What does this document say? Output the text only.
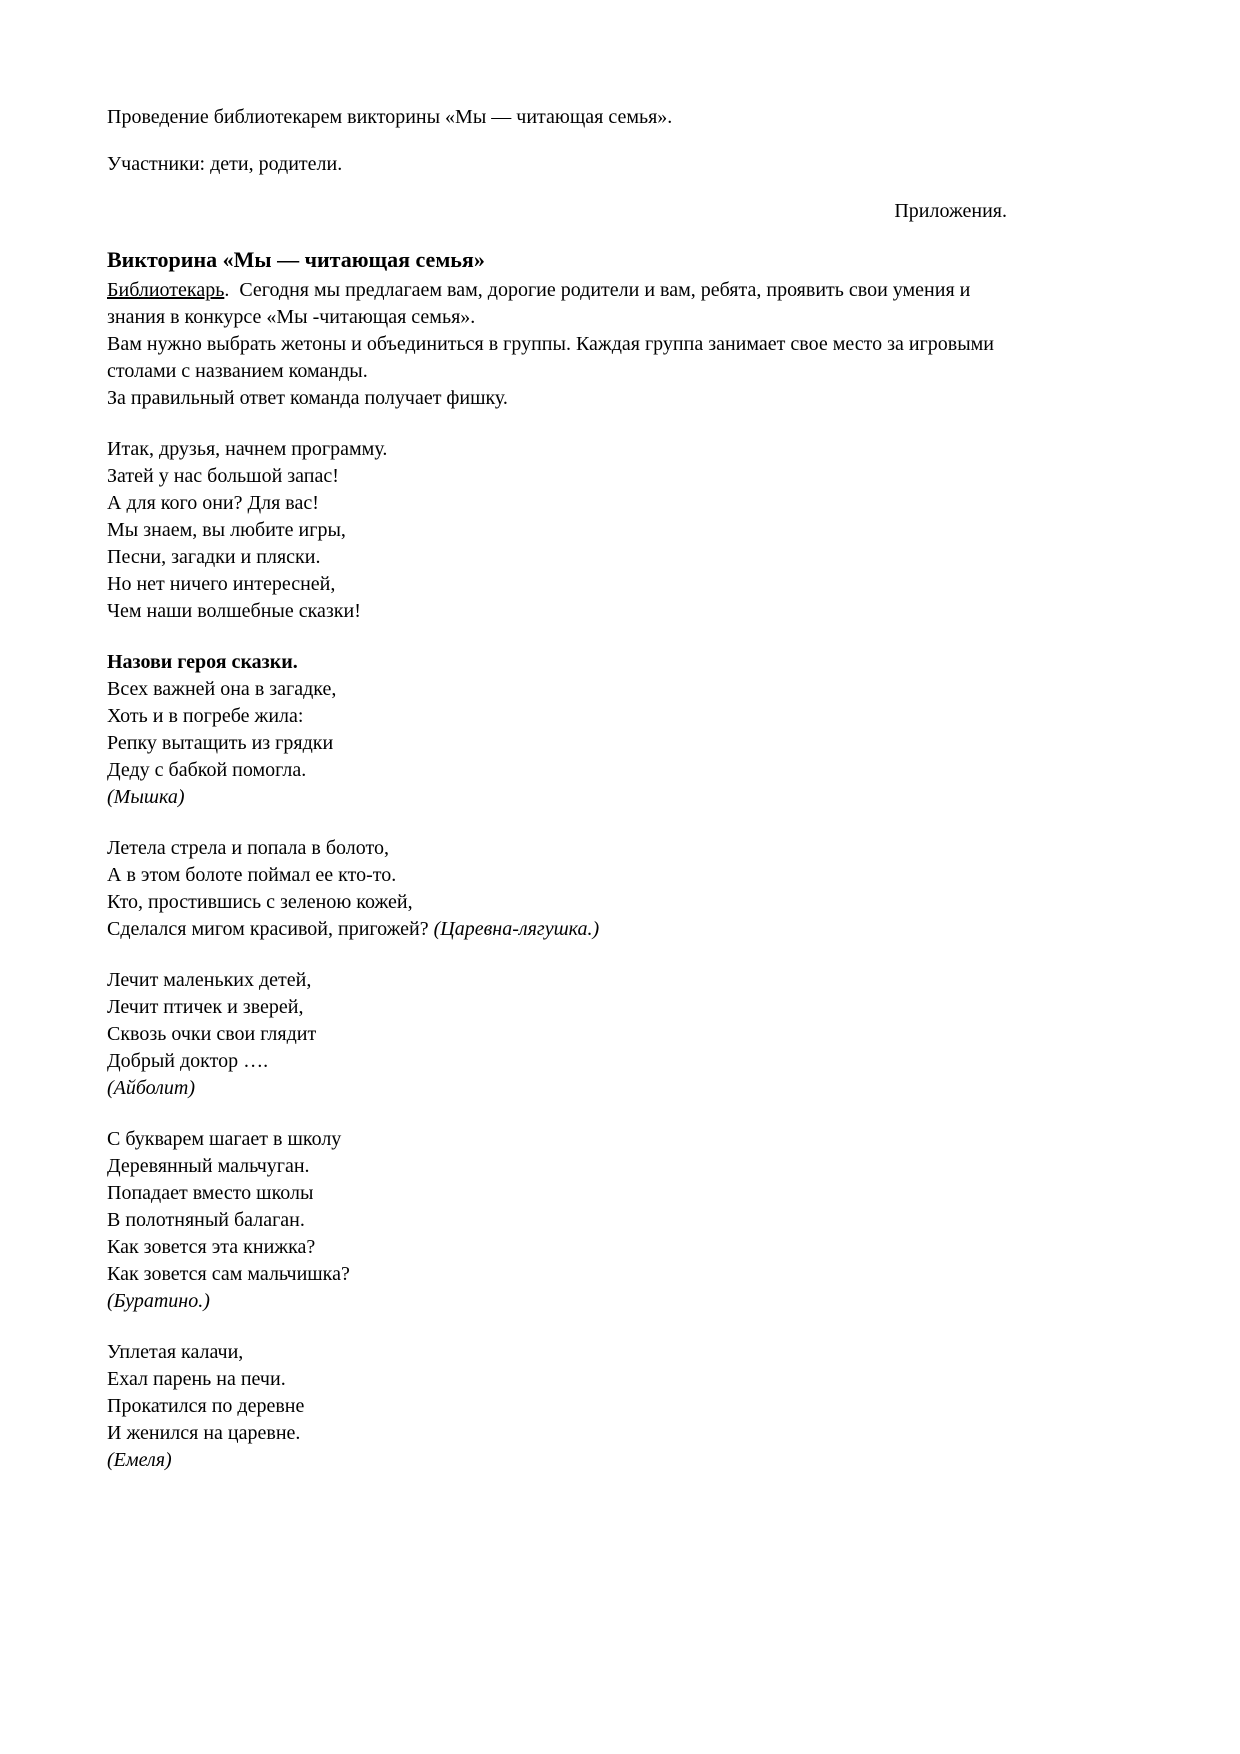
Проведение библиотекарем викторины «Мы — читающая семья».

Участники: дети, родители.

Приложения.

Викторина «Мы — читающая семья»

Библиотекарь.  Сегодня мы предлагаем вам, дорогие родители и вам, ребята, проявить свои умения и знания в конкурсе «Мы -читающая семья».

Вам нужно выбрать жетоны и объединиться в группы. Каждая группа занимает свое место за игровыми столами с названием команды.

За правильный ответ команда получает фишку.

Итак, друзья, начнем программу.
Затей у нас большой запас!
А для кого они? Для вас!
Мы знаем, вы любите игры,
Песни, загадки и пляски.
Но нет ничего интересней,
Чем наши волшебные сказки!
Назови героя сказки.
Всех важней она в загадке,
Хоть и в погребе жила:
Репку вытащить из грядки
Деду с бабкой помогла.
(Мышка)
Летела стрела и попала в болото,
А в этом болоте поймал ее кто-то.
Кто, простившись с зеленою кожей,
Сделался мигом красивой, пригожей? (Царевна-лягушка.)
Лечит маленьких детей,
Лечит птичек и зверей,
Сквозь очки свои глядит
Добрый доктор ….
(Айболит)
С букварем шагает в школу
Деревянный мальчуган.
Попадает вместо школы
В полотняный балаган.
Как зовется эта книжка?
Как зовется сам мальчишка?
(Буратино.)
Уплетая калачи,
Ехал парень на печи.
Прокатился по деревне
И женился на царевне.
(Емеля)
